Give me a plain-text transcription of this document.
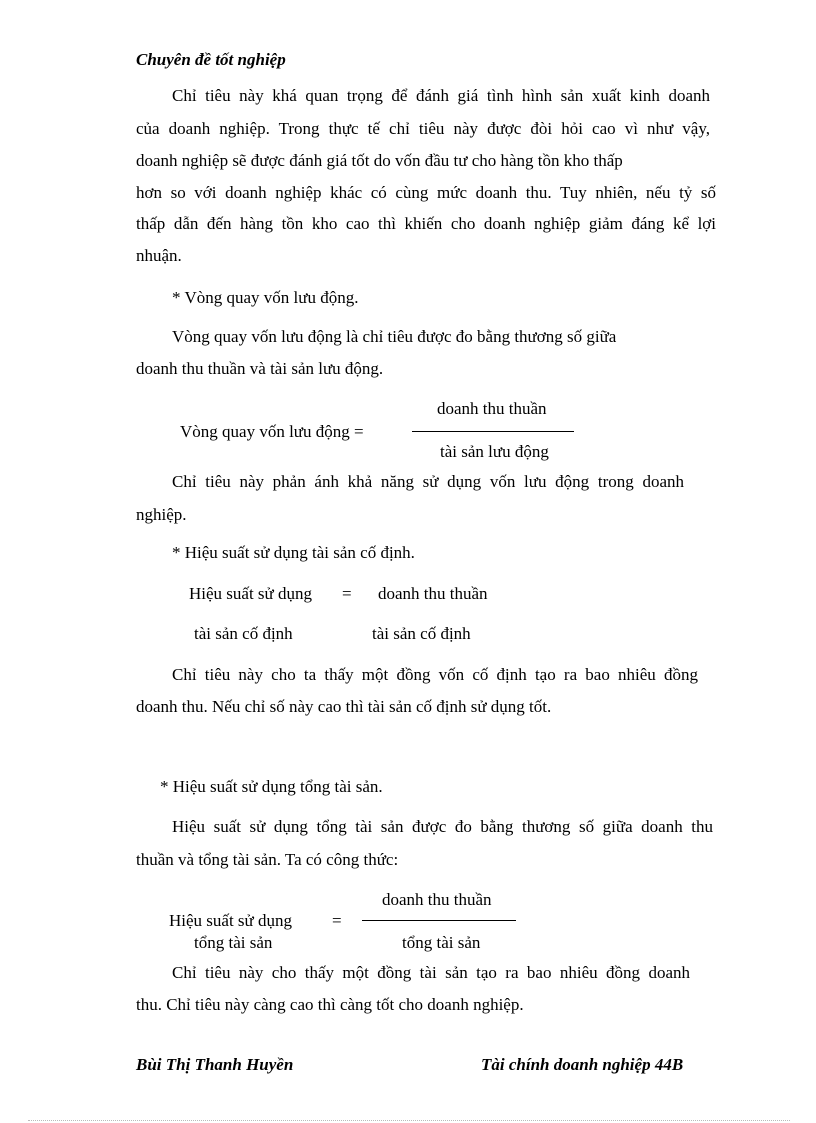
Chuyên đề tốt nghiệp
Chỉ tiêu này khá quan trọng để đánh giá tình hình sản xuất kinh doanh
của doanh nghiệp. Trong thực tế chỉ tiêu này được đòi hỏi cao vì như vậy,
doanh nghiệp sẽ được đánh giá tốt do vốn đầu tư cho hàng tồn kho thấp
hơn so với doanh nghiệp khác có cùng mức doanh thu. Tuy nhiên, nếu tỷ số
thấp dẫn đến hàng tồn kho cao thì khiến cho doanh nghiệp giảm đáng kể lợi
nhuận.
* Vòng quay vốn lưu động.
Vòng quay vốn lưu động là chỉ tiêu được đo bằng thương số giữa
doanh thu thuần và tài sản lưu động.
Vòng quay vốn lưu động =
doanh thu thuần
tài sản lưu động
Chỉ tiêu này phản ánh khả năng sử dụng vốn lưu động trong doanh
nghiệp.
* Hiệu suất sử dụng tài sản cố định.
Hiệu suất sử dụng = doanh thu thuần
tài sản cố định	tài sản cố định
Chỉ tiêu này cho ta thấy một đồng vốn cố định tạo ra bao nhiêu đồng
doanh thu. Nếu chỉ số này cao thì tài sản cố định sử dụng tốt.
* Hiệu suất sử dụng tổng tài sản.
Hiệu suất sử dụng tổng tài sản được đo bằng thương số giữa doanh thu
thuần và tổng tài sản. Ta có công thức:
doanh thu thuần
Hiệu suất sử dụng =
tổng tài sản	tổng tài sản
Chỉ tiêu này cho thấy một đồng tài sản tạo ra bao nhiêu đồng doanh
thu. Chỉ tiêu này càng cao thì càng tốt cho doanh nghiệp.
Bùi Thị Thanh Huyền	Tài chính doanh nghiệp 44B
